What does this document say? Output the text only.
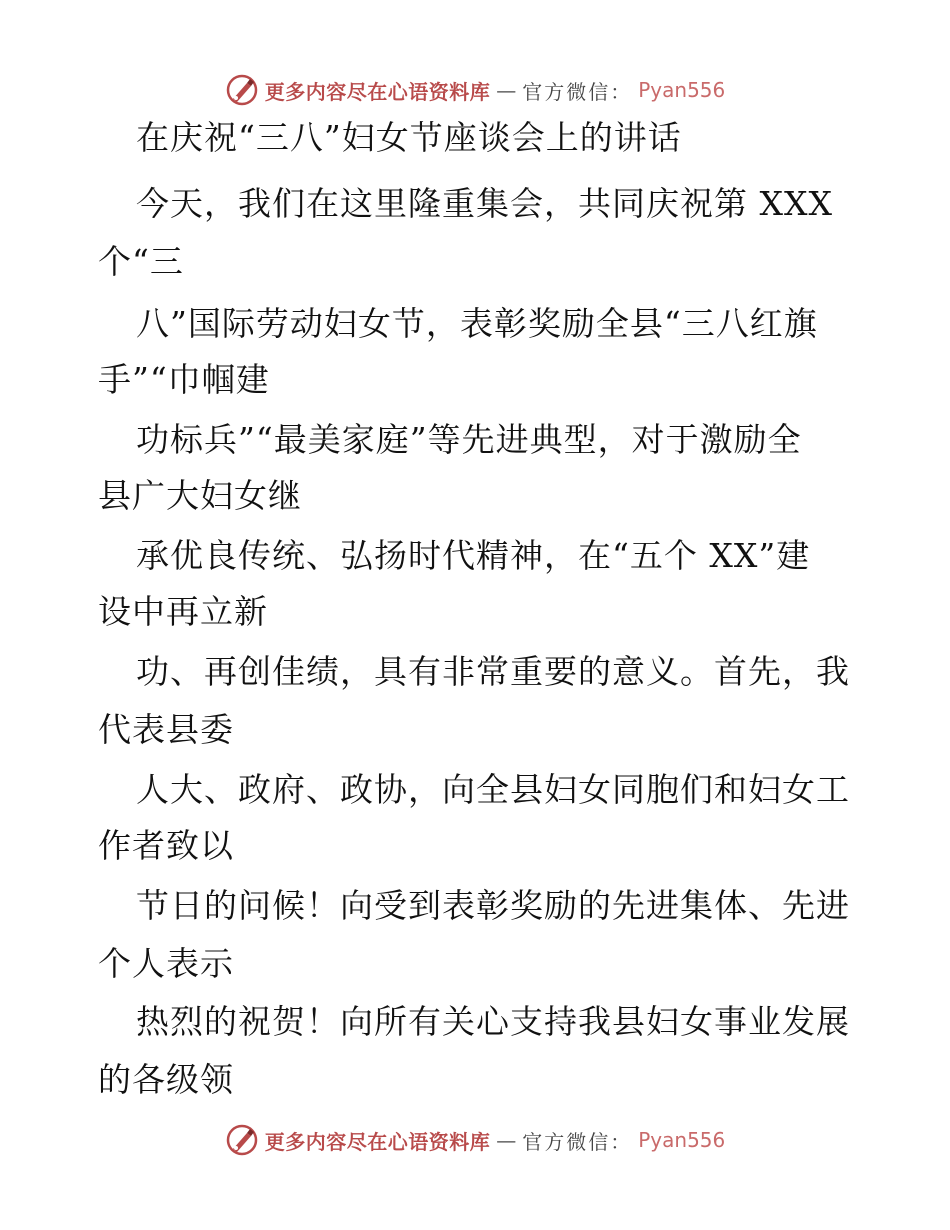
更多内容尽在心语资料库 — 官方微信： Pyan556
在庆祝“三八”妇女节座谈会上的讲话
今天，我们在这里隆重集会，共同庆祝第 XXX
个“三
八”国际劳动妇女节，表彰奖励全县“三八红旗
手”“巾帼建
功标兵”“最美家庭”等先进典型，对于激励全
县广大妇女继
承优良传统、弘扬时代精神，在“五个 XX”建
设中再立新
功、再创佳绩，具有非常重要的意义。首先，我
代表县委
人大、政府、政协，向全县妇女同胞们和妇女工
作者致以
节日的问候！向受到表彰奖励的先进集体、先进
个人表示
热烈的祝贺！向所有关心支持我县妇女事业发展
的各级领
更多内容尽在心语资料库 — 官方微信： Pyan556
